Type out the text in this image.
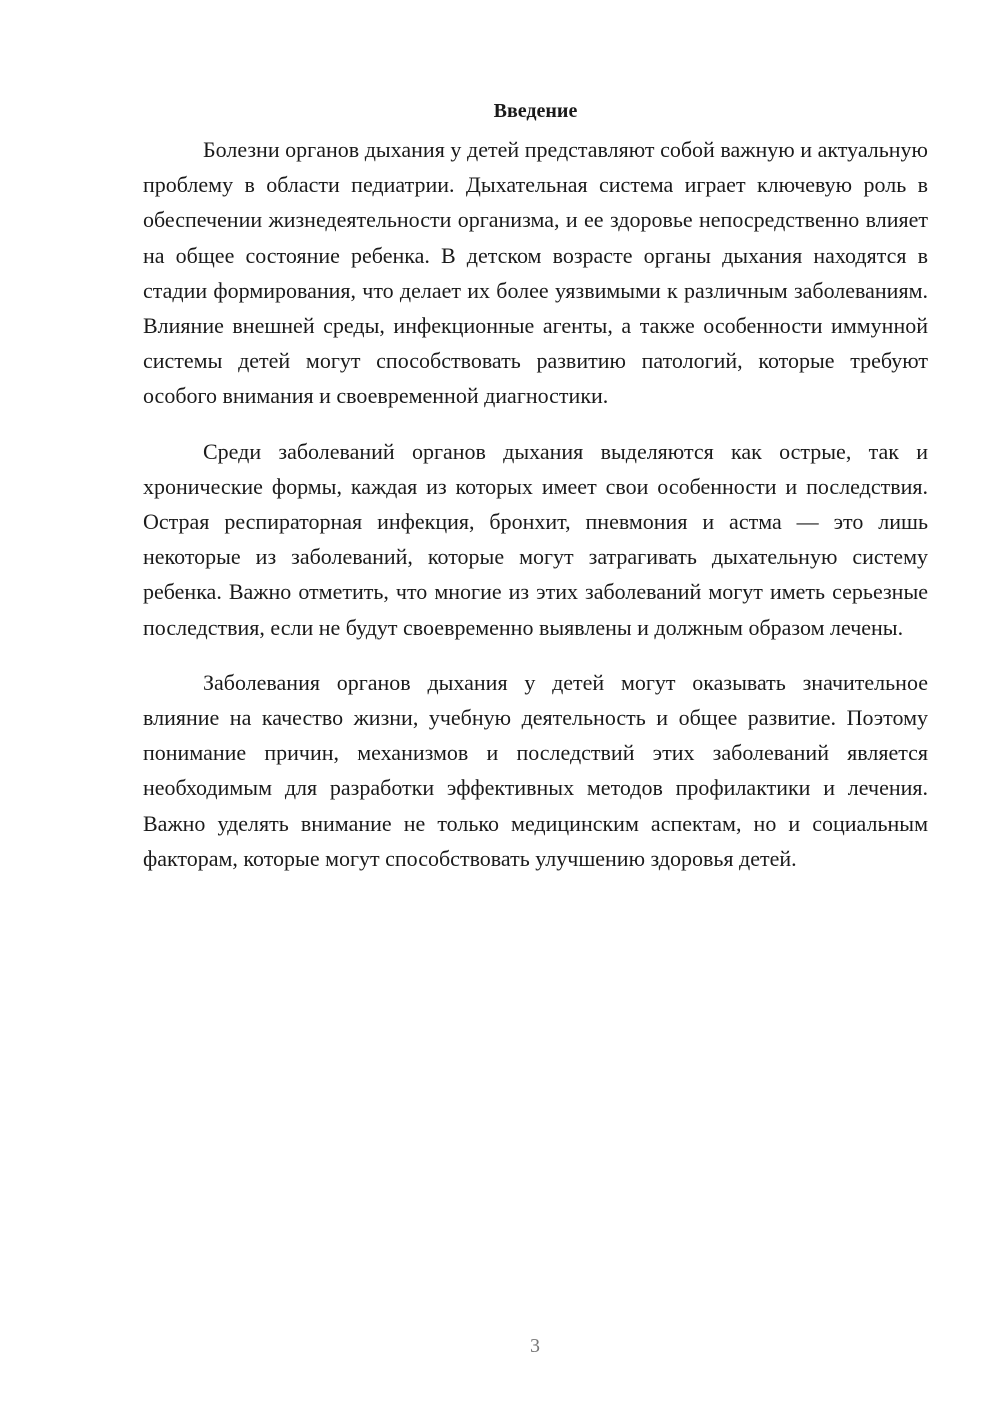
Введение

Болезни органов дыхания у детей представляют собой важную и актуальную проблему в области педиатрии. Дыхательная система играет ключевую роль в обеспечении жизнедеятельности организма, и ее здоровье непосредственно влияет на общее состояние ребенка. В детском возрасте органы дыхания находятся в стадии формирования, что делает их более уязвимыми к различным заболеваниям. Влияние внешней среды, инфекционные агенты, а также особенности иммунной системы детей могут способствовать развитию патологий, которые требуют особого внимания и своевременной диагностики.

Среди заболеваний органов дыхания выделяются как острые, так и хронические формы, каждая из которых имеет свои особенности и последствия. Острая респираторная инфекция, бронхит, пневмония и астма — это лишь некоторые из заболеваний, которые могут затрагивать дыхательную систему ребенка. Важно отметить, что многие из этих заболеваний могут иметь серьезные последствия, если не будут своевременно выявлены и должным образом лечены.

Заболевания органов дыхания у детей могут оказывать значительное влияние на качество жизни, учебную деятельность и общее развитие. Поэтому понимание причин, механизмов и последствий этих заболеваний является необходимым для разработки эффективных методов профилактики и лечения. Важно уделять внимание не только медицинским аспектам, но и социальным факторам, которые могут способствовать улучшению здоровья детей.

3
